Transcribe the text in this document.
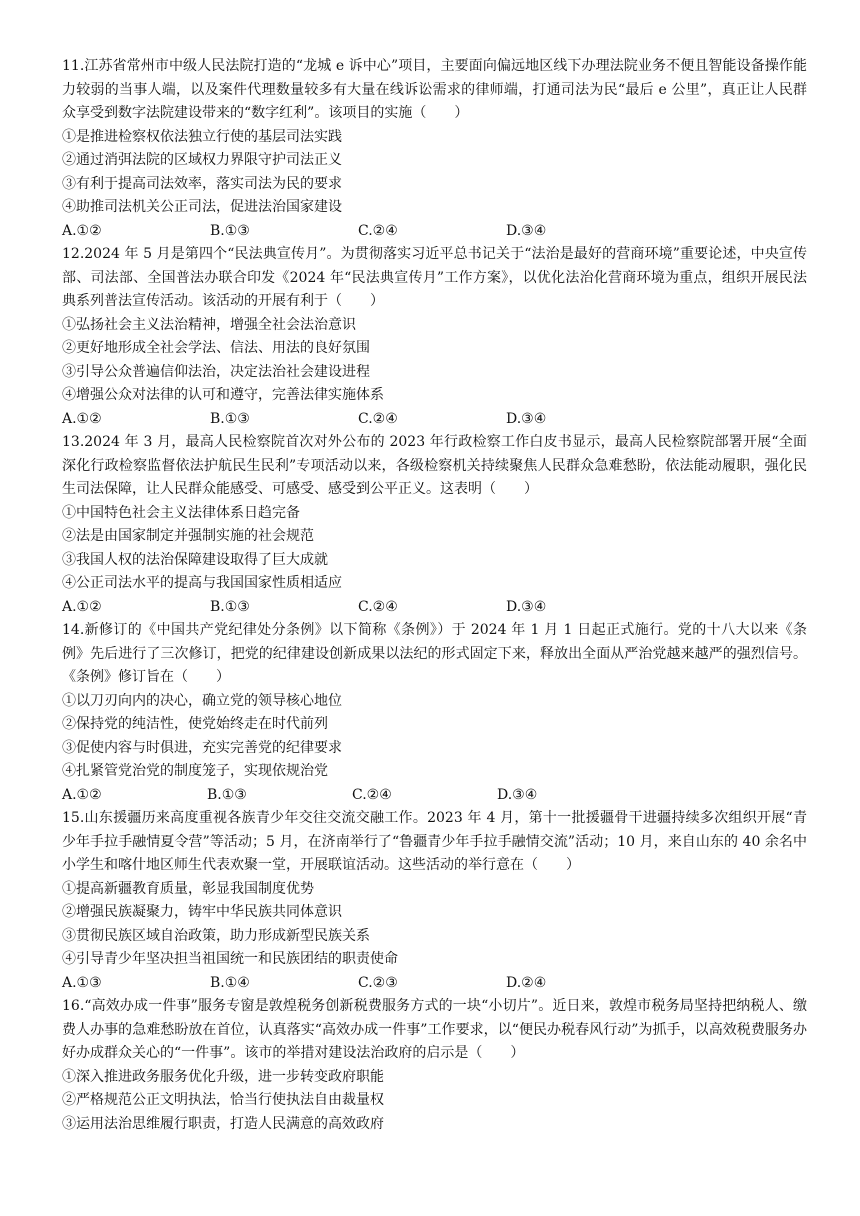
11.江苏省常州市中级人民法院打造的“龙城 e 诉中心”项目，主要面向偏远地区线下办理法院业务不便且智能设备操作能力较弱的当事人端，以及案件代理数量较多有大量在线诉讼需求的律师端，打通司法为民“最后 e 公里”，真正让人民群众享受到数字法院建设带来的“数字红利”。该项目的实施（　　）
①是推进检察权依法独立行使的基层司法实践
②通过消弭法院的区域权力界限守护司法正义
③有利于提高司法效率，落实司法为民的要求
④助推司法机关公正司法，促进法治国家建设
A.①②	B.①③	C.②④	D.③④
12.2024 年 5 月是第四个“民法典宣传月”。为贯彻落实习近平总书记关于“法治是最好的营商环境”重要论述，中央宣传部、司法部、全国普法办联合印发《2024 年“民法典宣传月”工作方案》，以优化法治化营商环境为重点，组织开展民法典系列普法宣传活动。该活动的开展有利于（　　）
①弘扬社会主义法治精神，增强全社会法治意识
②更好地形成全社会学法、信法、用法的良好氛围
③引导公众普遍信仰法治，决定法治社会建设进程
④增强公众对法律的认可和遵守，完善法律实施体系
A.①②	B.①③	C.②④	D.③④
13.2024 年 3 月，最高人民检察院首次对外公布的 2023 年行政检察工作白皮书显示，最高人民检察院部署开展“全面深化行政检察监督依法护航民生民利”专项活动以来，各级检察机关持续聚焦人民群众急难愁盼，依法能动履职，强化民生司法保障，让人民群众能感受、可感受、感受到公平正义。这表明（　　）
①中国特色社会主义法律体系日趋完备
②法是由国家制定并强制实施的社会规范
③我国人权的法治保障建设取得了巨大成就
④公正司法水平的提高与我国国家性质相适应
A.①②	B.①③	C.②④	D.③④
14.新修订的《中国共产党纪律处分条例》以下简称《条例》）于 2024 年 1 月 1 日起正式施行。党的十八大以来《条例》先后进行了三次修订，把党的纪律建设创新成果以法纪的形式固定下来，释放出全面从严治党越来越严的强烈信号。《条例》修订旨在（　　）
①以刀刃向内的决心，确立党的领导核心地位
②保持党的纯洁性，使党始终走在时代前列
③促使内容与时俱进，充实完善党的纪律要求
④扎紧管党治党的制度笼子，实现依规治党
A.①②	B.①③	C.②④	D.③④
15.山东援疆历来高度重视各族青少年交往交流交融工作。2023 年 4 月，第十一批援疆骨干进疆持续多次组织开展“青少年手拉手融情夏令营”等活动；5 月，在济南举行了“鲁疆青少年手拉手融情交流”活动；10 月，来自山东的 40 余名中小学生和喀什地区师生代表欢聚一堂，开展联谊活动。这些活动的举行意在（　　）
①提高新疆教育质量，彰显我国制度优势
②增强民族凝聚力，铸牢中华民族共同体意识
③贯彻民族区域自治政策，助力形成新型民族关系
④引导青少年坚决担当祖国统一和民族团结的职责使命
A.①③	B.①④	C.②③	D.②④
16.“高效办成一件事”服务专窗是敦煌税务创新税费服务方式的一块“小切片”。近日来，敦煌市税务局坚持把纳税人、缴费人办事的急难愁盼放在首位，认真落实“高效办成一件事”工作要求，以“便民办税春风行动”为抓手，以高效税费服务办好办成群众关心的“一件事”。该市的举措对建设法治政府的启示是（　　）
①深入推进政务服务优化升级，进一步转变政府职能
②严格规范公正文明执法，恰当行使执法自由裁量权
③运用法治思维履行职责，打造人民满意的高效政府
